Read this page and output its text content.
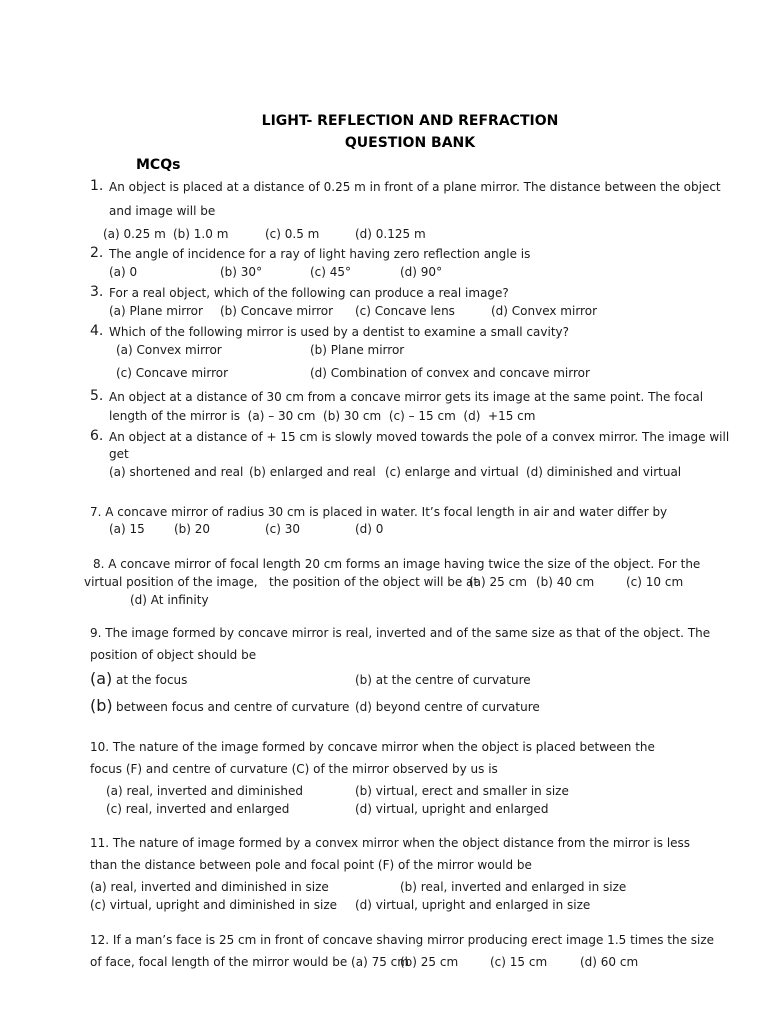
LIGHT- REFLECTION AND REFRACTION
QUESTION BANK
MCQs
1. An object is placed at a distance of 0.25 m in front of a plane mirror. The distance between the object
and image will be
(a) 0.25 m (b) 1.0 m	(c) 0.5 m	(d) 0.125 m
2. The angle of incidence for a ray of light having zero reflection angle is
(a) 0	(b) 30°	(c) 45°	(d) 90°
3. For a real object, which of the following can produce a real image?
(a) Plane mirror (b) Concave mirror (c) Concave lens	(d) Convex mirror
4. Which of the following mirror is used by a dentist to examine a small cavity?
(a) Convex mirror	(b) Plane mirror
(c) Concave mirror	(d) Combination of convex and concave mirror
5. An object at a distance of 30 cm from a concave mirror gets its image at the same point. The focal
length of the mirror is  (a) – 30 cm  (b) 30 cm  (c) – 15 cm  (d)  +15 cm
6. An object at a distance of + 15 cm is slowly moved towards the pole of a convex mirror. The image will
get
(a) shortened and real (b) enlarged and real (c) enlarge and virtual (d) diminished and virtual
7. A concave mirror of radius 30 cm is placed in water. It’s focal length in air and water differ by
(a) 15 (b) 20	(c) 30	(d) 0
8. A concave mirror of focal length 20 cm forms an image having twice the size of the object. For the
virtual position of the image,   the position of the object will be at
(a) 25 cm (b) 40 cm	(c) 10 cm
(d) At infinity
9. The image formed by concave mirror is real, inverted and of the same size as that of the object. The
position of object should be
(a) at the focus	(b) at the centre of curvature
(b) between focus and centre of curvature (d) beyond centre of curvature
10. The nature of the image formed by concave mirror when the object is placed between the
focus (F) and centre of curvature (C) of the mirror observed by us is
(a) real, inverted and diminished	(b) virtual, erect and smaller in size
(c) real, inverted and enlarged	(d) virtual, upright and enlarged
11. The nature of image formed by a convex mirror when the object distance from the mirror is less
than the distance between pole and focal point (F) of the mirror would be
(a) real, inverted and diminished in size	(b) real, inverted and enlarged in size
(c) virtual, upright and diminished in size (d) virtual, upright and enlarged in size
12. If a man’s face is 25 cm in front of concave shaving mirror producing erect image 1.5 times the size
of face, focal length of the mirror would be (a) 75 cm
(b) 25 cm	(c) 15 cm	(d) 60 cm
